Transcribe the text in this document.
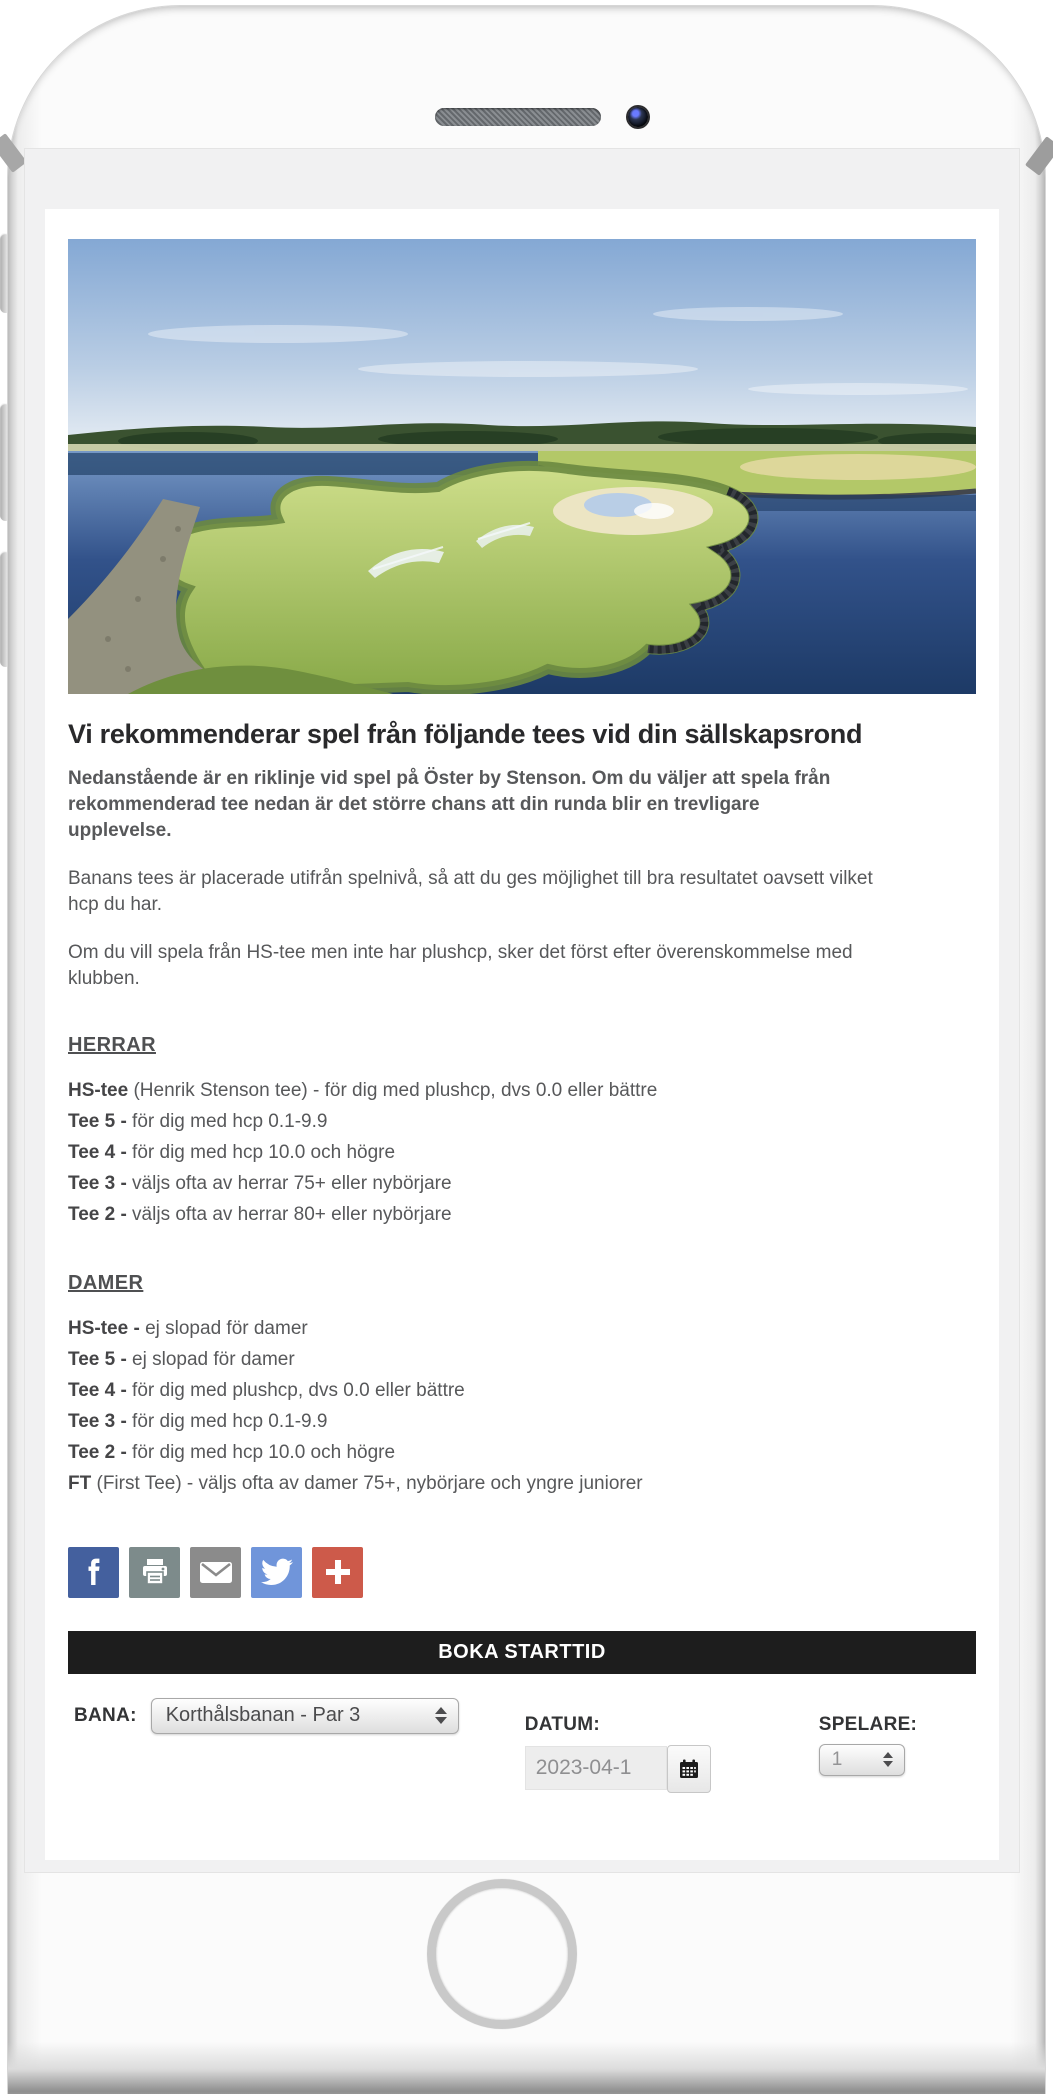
Vi rekommenderar spel från följande tees vid din sällskapsrond
Nedanstående är en riklinje vid spel på Öster by Stenson. Om du väljer att spela från
rekommenderad tee nedan är det större chans att din runda blir en trevligare
upplevelse.
Banans tees är placerade utifrån spelnivå, så att du ges möjlighet till bra resultatet oavsett vilket
hcp du har.
Om du vill spela från HS-tee men inte har plushcp, sker det först efter överenskommelse med
klubben.
HERRAR
HS-tee (Henrik Stenson tee) - för dig med plushcp, dvs 0.0 eller bättre
Tee 5 - för dig med hcp 0.1-9.9
Tee 4 - för dig med hcp 10.0 och högre
Tee 3 - väljs ofta av herrar 75+ eller nybörjare
Tee 2 - väljs ofta av herrar 80+ eller nybörjare
DAMER
HS-tee - ej slopad för damer
Tee 5 - ej slopad för damer
Tee 4 - för dig med plushcp, dvs 0.0 eller bättre
Tee 3 - för dig med hcp 0.1-9.9
Tee 2 - för dig med hcp 10.0 och högre
FT (First Tee) - väljs ofta av damer 75+, nybörjare och yngre juniorer
BOKA STARTTID
BANA:	Korthålsbanan - Par 3	DATUM:
2023-04-1
SPELARE:
1
